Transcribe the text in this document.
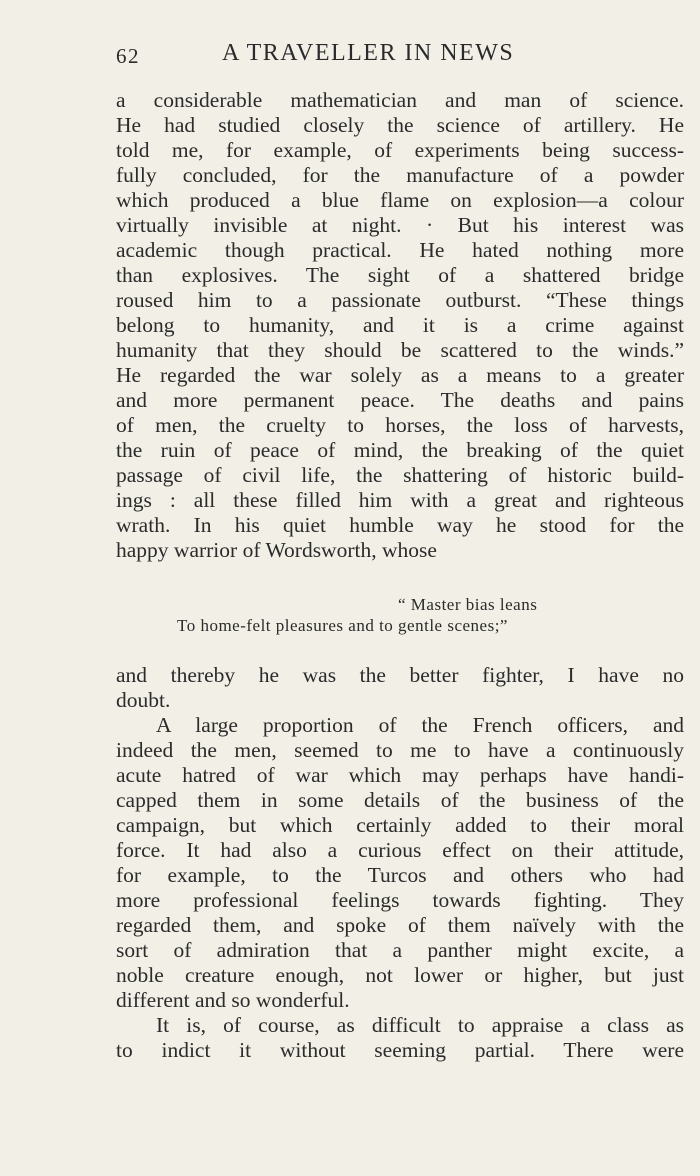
62	A TRAVELLER IN NEWS
a considerable mathematician and man of science.
He had studied closely the science of artillery. He
told me, for example, of experiments being success-
fully concluded, for the manufacture of a powder
which produced a blue flame on explosion—a colour
virtually invisible at night. · But his interest was
academic though practical. He hated nothing more
than explosives. The sight of a shattered bridge
roused him to a passionate outburst. “These things
belong to humanity, and it is a crime against
humanity that they should be scattered to the winds.”
He regarded the war solely as a means to a greater
and more permanent peace. The deaths and pains
of men, the cruelty to horses, the loss of harvests,
the ruin of peace of mind, the breaking of the quiet
passage of civil life, the shattering of historic build-
ings : all these filled him with a great and righteous
wrath. In his quiet humble way he stood for the
happy warrior of Wordsworth, whose
“ Master bias leans
To home-felt pleasures and to gentle scenes;”
and thereby he was the better fighter, I have no
doubt.
A large proportion of the French officers, and
indeed the men, seemed to me to have a continuously
acute hatred of war which may perhaps have handi-
capped them in some details of the business of the
campaign, but which certainly added to their moral
force. It had also a curious effect on their attitude,
for example, to the Turcos and others who had
more professional feelings towards fighting. They
regarded them, and spoke of them naïvely with the
sort of admiration that a panther might excite, a
noble creature enough, not lower or higher, but just
different and so wonderful.
It is, of course, as difficult to appraise a class as
to indict it without seeming partial. There were
